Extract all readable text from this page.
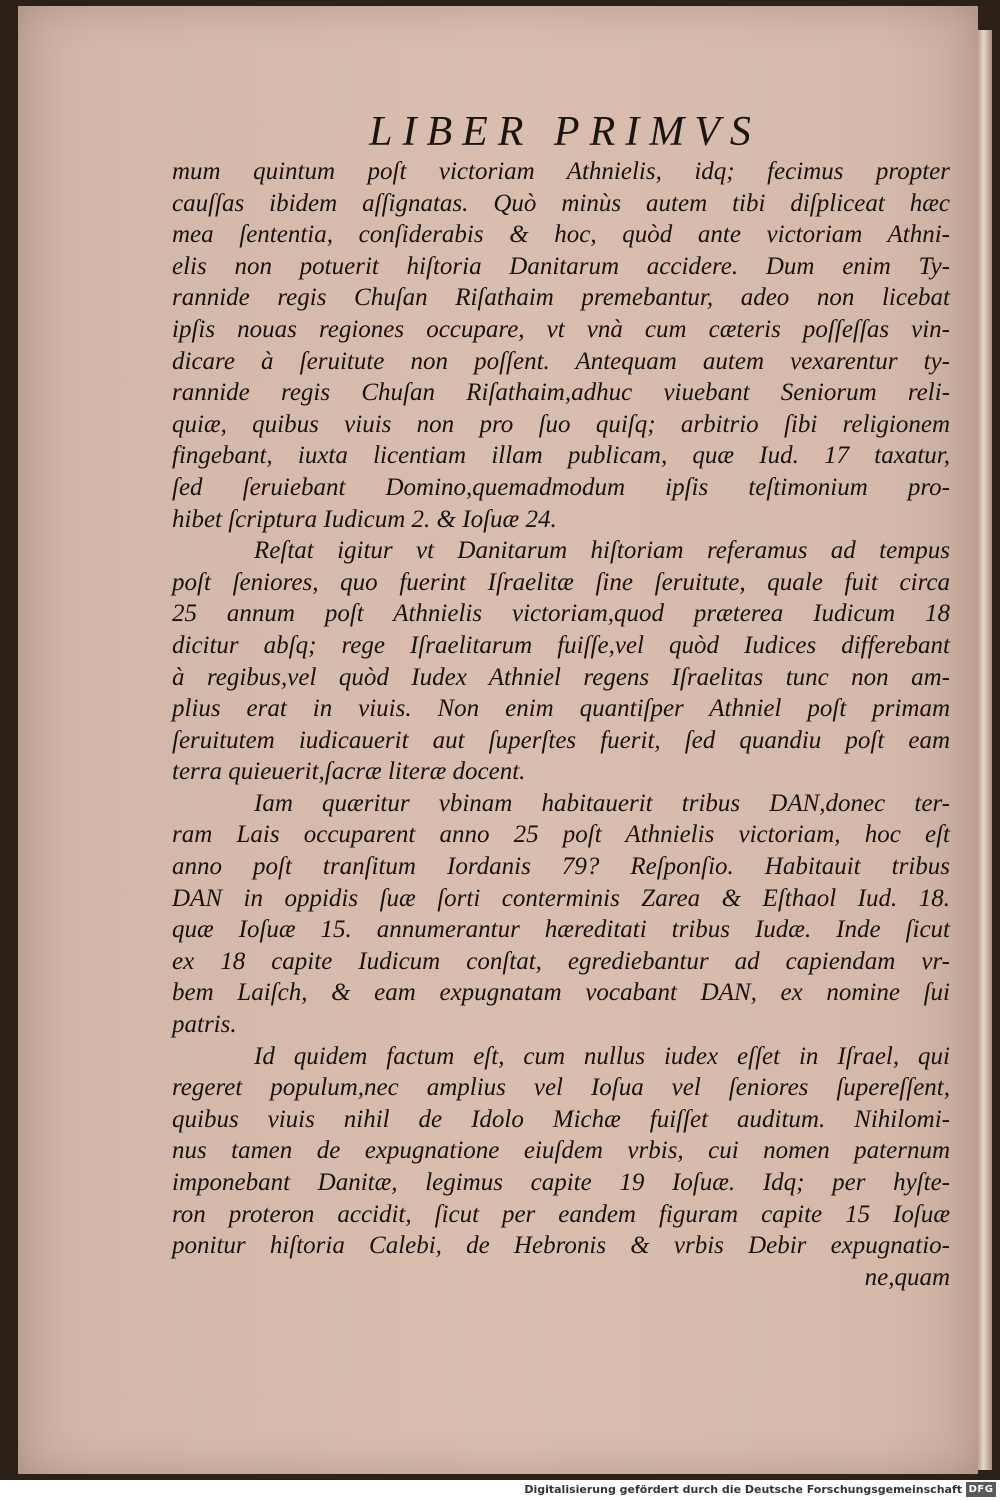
LIBER PRIMVS
mum quintum poſt victoriam Athnielis, idq; fecimus propter
cauſſas ibidem aſſignatas. Quò minùs autem tibi diſpliceat hæc
mea ſententia, conſiderabis & hoc, quòd ante victoriam Athni-
elis non potuerit hiſtoria Danitarum accidere. Dum enim Ty-
rannide regis Chuſan Riſathaim premebantur, adeo non licebat
ipſis nouas regiones occupare, vt vnà cum cæteris poſſeſſas vin-
dicare à ſeruitute non poſſent. Antequam autem vexarentur ty-
rannide regis Chuſan Riſathaim,adhuc viuebant Seniorum reli-
quiæ, quibus viuis non pro ſuo quiſq; arbitrio ſibi religionem
fingebant, iuxta licentiam illam publicam, quæ Iud. 17 taxatur,
ſed ſeruiebant Domino,quemadmodum ipſis teſtimonium pro-
hibet ſcriptura Iudicum 2. & Ioſuæ 24.
Reſtat igitur vt Danitarum hiſtoriam referamus ad tempus
poſt ſeniores, quo fuerint Iſraelitæ ſine ſeruitute, quale fuit circa
25 annum poſt Athnielis victoriam,quod præterea Iudicum 18
dicitur abſq; rege Iſraelitarum fuiſſe,vel quòd Iudices differebant
à regibus,vel quòd Iudex Athniel regens Iſraelitas tunc non am-
plius erat in viuis. Non enim quantiſper Athniel poſt primam
ſeruitutem iudicauerit aut ſuperſtes fuerit, ſed quandiu poſt eam
terra quieuerit,ſacræ literæ docent.
Iam quæritur vbinam habitauerit tribus DAN,donec ter-
ram Lais occuparent anno 25 poſt Athnielis victoriam, hoc eſt
anno poſt tranſitum Iordanis 79? Reſponſio. Habitauit tribus
DAN in oppidis ſuæ ſorti conterminis Zarea & Eſthaol Iud. 18.
quæ Ioſuæ 15. annumerantur hæreditati tribus Iudæ. Inde ſicut
ex 18 capite Iudicum conſtat, egrediebantur ad capiendam vr-
bem Laiſch, & eam expugnatam vocabant DAN, ex nomine ſui
patris.
Id quidem factum eſt, cum nullus iudex eſſet in Iſrael, qui
regeret populum,nec amplius vel Ioſua vel ſeniores ſupereſſent,
quibus viuis nihil de Idolo Michæ fuiſſet auditum. Nihilomi-
nus tamen de expugnatione eiuſdem vrbis, cui nomen paternum
imponebant Danitæ, legimus capite 19 Ioſuæ. Idq; per hyſte-
ron proteron accidit, ſicut per eandem figuram capite 15 Ioſuæ
ponitur hiſtoria Calebi, de Hebronis & vrbis Debir expugnatio-
ne,quam
Digitalisierung gefördert durch die Deutsche Forschungsgemeinschaft DFG
